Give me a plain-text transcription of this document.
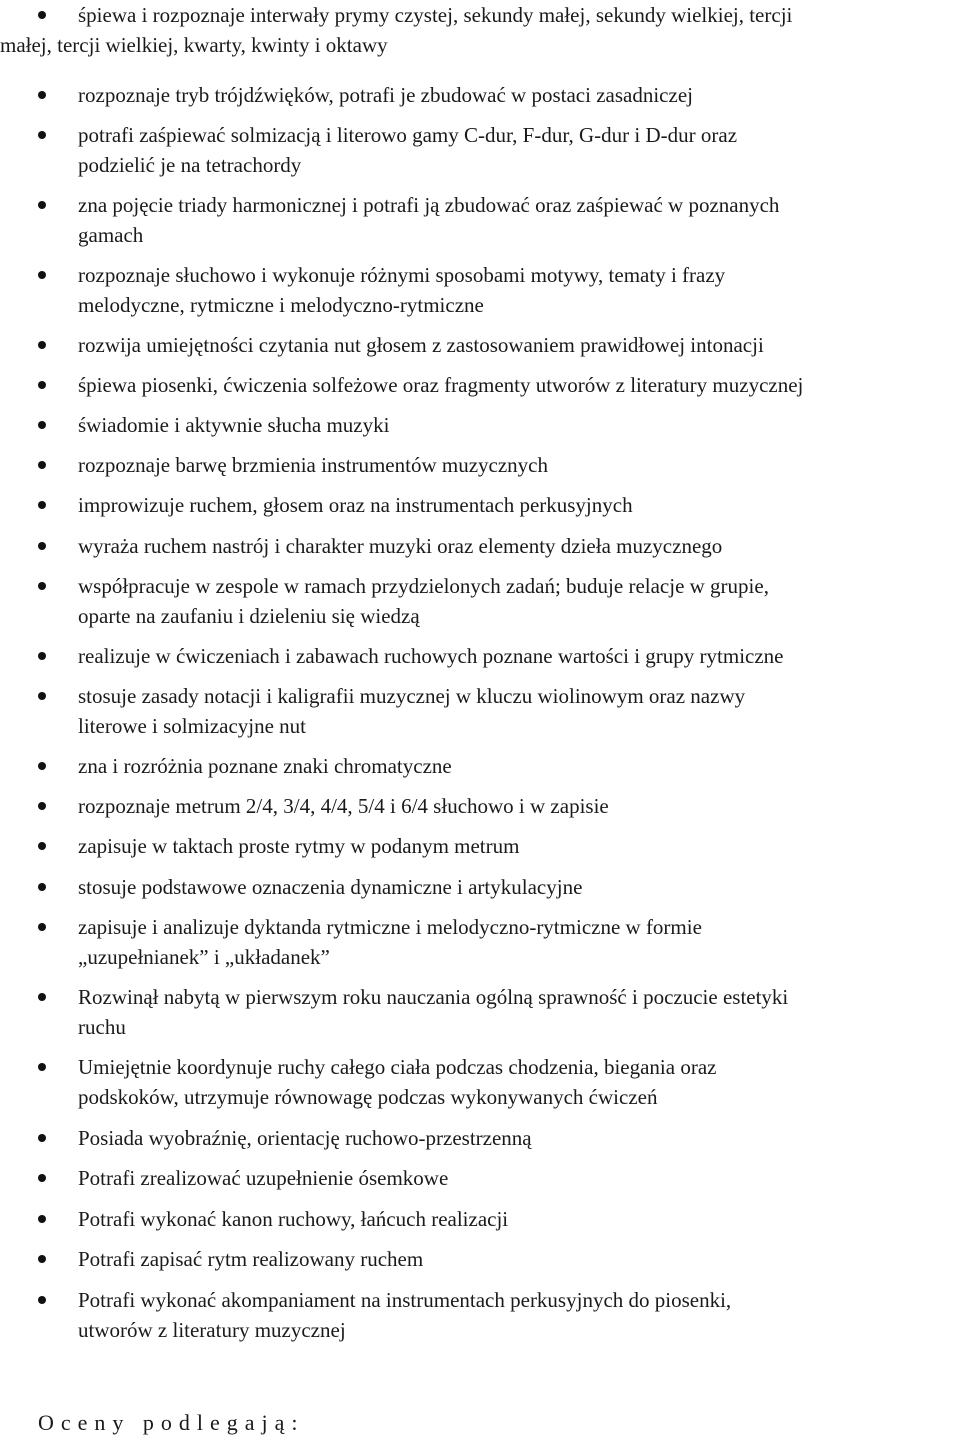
śpiewa i rozpoznaje interwały prymy czystej, sekundy małej, sekundy wielkiej, tercji
małej, tercji wielkiej, kwarty, kwinty i oktawy
rozpoznaje tryb trójdźwięków, potrafi je zbudować w postaci zasadniczej
potrafi zaśpiewać solmizacją i literowo gamy C-dur, F-dur, G-dur i D-dur oraz
podzielić je na tetrachordy
zna pojęcie triady harmonicznej i potrafi ją zbudować oraz zaśpiewać w poznanych
gamach
rozpoznaje słuchowo i wykonuje różnymi sposobami motywy, tematy i frazy
melodyczne, rytmiczne i melodyczno-rytmiczne
rozwija umiejętności czytania nut głosem z zastosowaniem prawidłowej intonacji
śpiewa piosenki, ćwiczenia solfeżowe oraz fragmenty utworów z literatury muzycznej
świadomie i aktywnie słucha muzyki
rozpoznaje barwę brzmienia instrumentów muzycznych
improwizuje ruchem, głosem oraz na instrumentach perkusyjnych
wyraża ruchem nastrój i charakter muzyki oraz elementy dzieła muzycznego
współpracuje w zespole w ramach przydzielonych zadań; buduje relacje w grupie,
oparte na zaufaniu i dzieleniu się wiedzą
realizuje w ćwiczeniach i zabawach ruchowych poznane wartości i grupy rytmiczne
stosuje zasady notacji i kaligrafii muzycznej w kluczu wiolinowym oraz nazwy
literowe i solmizacyjne nut
zna i rozróżnia poznane znaki chromatyczne
rozpoznaje metrum 2/4, 3/4, 4/4, 5/4 i 6/4 słuchowo i w zapisie
zapisuje w taktach proste rytmy w podanym metrum
stosuje podstawowe oznaczenia dynamiczne i artykulacyjne
zapisuje i analizuje dyktanda rytmiczne i melodyczno-rytmiczne w formie
„uzupełnianek” i „układanek”
Rozwinął nabytą w pierwszym roku nauczania ogólną sprawność i poczucie estetyki
ruchu
Umiejętnie koordynuje ruchy całego ciała podczas chodzenia, biegania oraz
podskoków, utrzymuje równowagę podczas wykonywanych ćwiczeń
Posiada wyobraźnię, orientację ruchowo-przestrzenną
Potrafi zrealizować uzupełnienie ósemkowe
Potrafi wykonać kanon ruchowy, łańcuch realizacji
Potrafi zapisać rytm realizowany ruchem
Potrafi wykonać akompaniament na instrumentach perkusyjnych do piosenki,
utworów z literatury muzycznej
Oceny podlegają:
